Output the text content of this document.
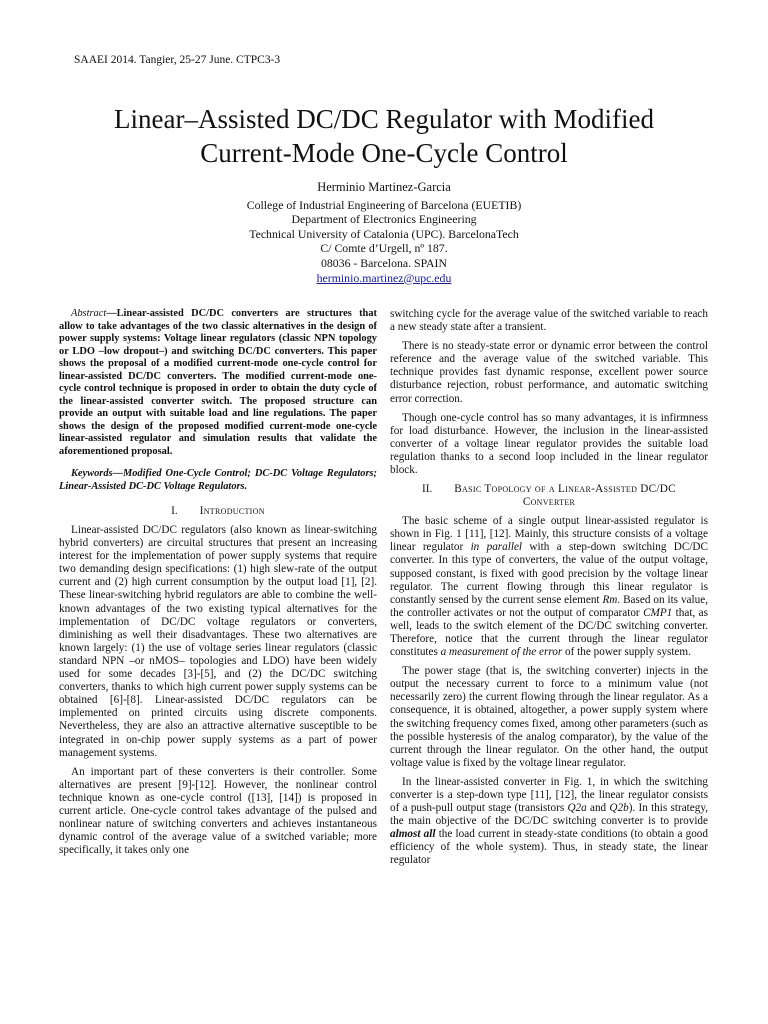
SAAEI 2014. Tangier, 25-27 June. CTPC3-3
Linear–Assisted DC/DC Regulator with Modified
Current-Mode One-Cycle Control
Herminio Martinez-Garcia
College of Industrial Engineering of Barcelona (EUETIB)
Department of Electronics Engineering
Technical University of Catalonia (UPC). BarcelonaTech
C/ Comte d’Urgell, nº 187.
08036 - Barcelona. SPAIN
herminio.martinez@upc.edu

Abstract—Linear-assisted DC/DC converters are structures that allow to take advantages of the two classic alternatives in the design of power supply systems: Voltage linear regulators (classic NPN topology or LDO –low dropout–) and switching DC/DC converters. This paper shows the proposal of a modified current-mode one-cycle control for linear-assisted DC/DC converters. The modified current-mode one-cycle control technique is proposed in order to obtain the duty cycle of the linear-assisted converter switch. The proposed structure can provide an output with suitable load and line regulations. The paper shows the design of the proposed modified current-mode one-cycle linear-assisted regulator and simulation results that validate the aforementioned proposal.

Keywords—Modified One-Cycle Control; DC-DC Voltage Regulators; Linear-Assisted DC-DC Voltage Regulators.

I. Introduction

Linear-assisted DC/DC regulators (also known as linear-switching hybrid converters) are circuital structures that present an increasing interest for the implementation of power supply systems that require two demanding design specifications: (1) high slew-rate of the output current and (2) high current consumption by the output load [1], [2]. These linear-switching hybrid regulators are able to combine the well-known advantages of the two existing typical alternatives for the implementation of DC/DC voltage regulators or converters, diminishing as well their disadvantages. These two alternatives are known largely: (1) the use of voltage series linear regulators (classic standard NPN –or nMOS– topologies and LDO) have been widely used for some decades [3]-[5], and (2) the DC/DC switching converters, thanks to which high current power supply systems can be obtained [6]-[8]. Linear-assisted DC/DC regulators can be implemented on printed circuits using discrete components. Nevertheless, they are also an attractive alternative susceptible to be integrated in on-chip power supply systems as a part of power management systems.

An important part of these converters is their controller. Some alternatives are present [9]-[12]. However, the nonlinear control technique known as one-cycle control ([13], [14]) is proposed in current article. One-cycle control takes advantage of the pulsed and nonlinear nature of switching converters and achieves instantaneous dynamic control of the average value of a switched variable; more specifically, it takes only one

switching cycle for the average value of the switched variable to reach a new steady state after a transient.

There is no steady-state error or dynamic error between the control reference and the average value of the switched variable. This technique provides fast dynamic response, excellent power source disturbance rejection, robust performance, and automatic switching error correction.

Though one-cycle control has so many advantages, it is infirmness for load disturbance. However, the inclusion in the linear-assisted converter of a voltage linear regulator provides the suitable load regulation thanks to a second loop included in the linear regulator block.

II. Basic Topology of a Linear-Assisted DC/DC
Converter

The basic scheme of a single output linear-assisted regulator is shown in Fig. 1 [11], [12]. Mainly, this structure consists of a voltage linear regulator in parallel with a step-down switching DC/DC converter. In this type of converters, the value of the output voltage, supposed constant, is fixed with good precision by the voltage linear regulator. The current flowing through this linear regulator is constantly sensed by the current sense element Rm. Based on its value, the controller activates or not the output of comparator CMP1 that, as well, leads to the switch element of the DC/DC switching converter. Therefore, notice that the current through the linear regulator constitutes a measurement of the error of the power supply system.

The power stage (that is, the switching converter) injects in the output the necessary current to force to a minimum value (not necessarily zero) the current flowing through the linear regulator. As a consequence, it is obtained, altogether, a power supply system where the switching frequency comes fixed, among other parameters (such as the possible hysteresis of the analog comparator), by the value of the current through the linear regulator. On the other hand, the output voltage value is fixed by the voltage linear regulator.

In the linear-assisted converter in Fig. 1, in which the switching converter is a step-down type [11], [12], the linear regulator consists of a push-pull output stage (transistors Q2a and Q2b). In this strategy, the main objective of the DC/DC switching converter is to provide almost all the load current in steady-state conditions (to obtain a good efficiency of the whole system). Thus, in steady state, the linear regulator
